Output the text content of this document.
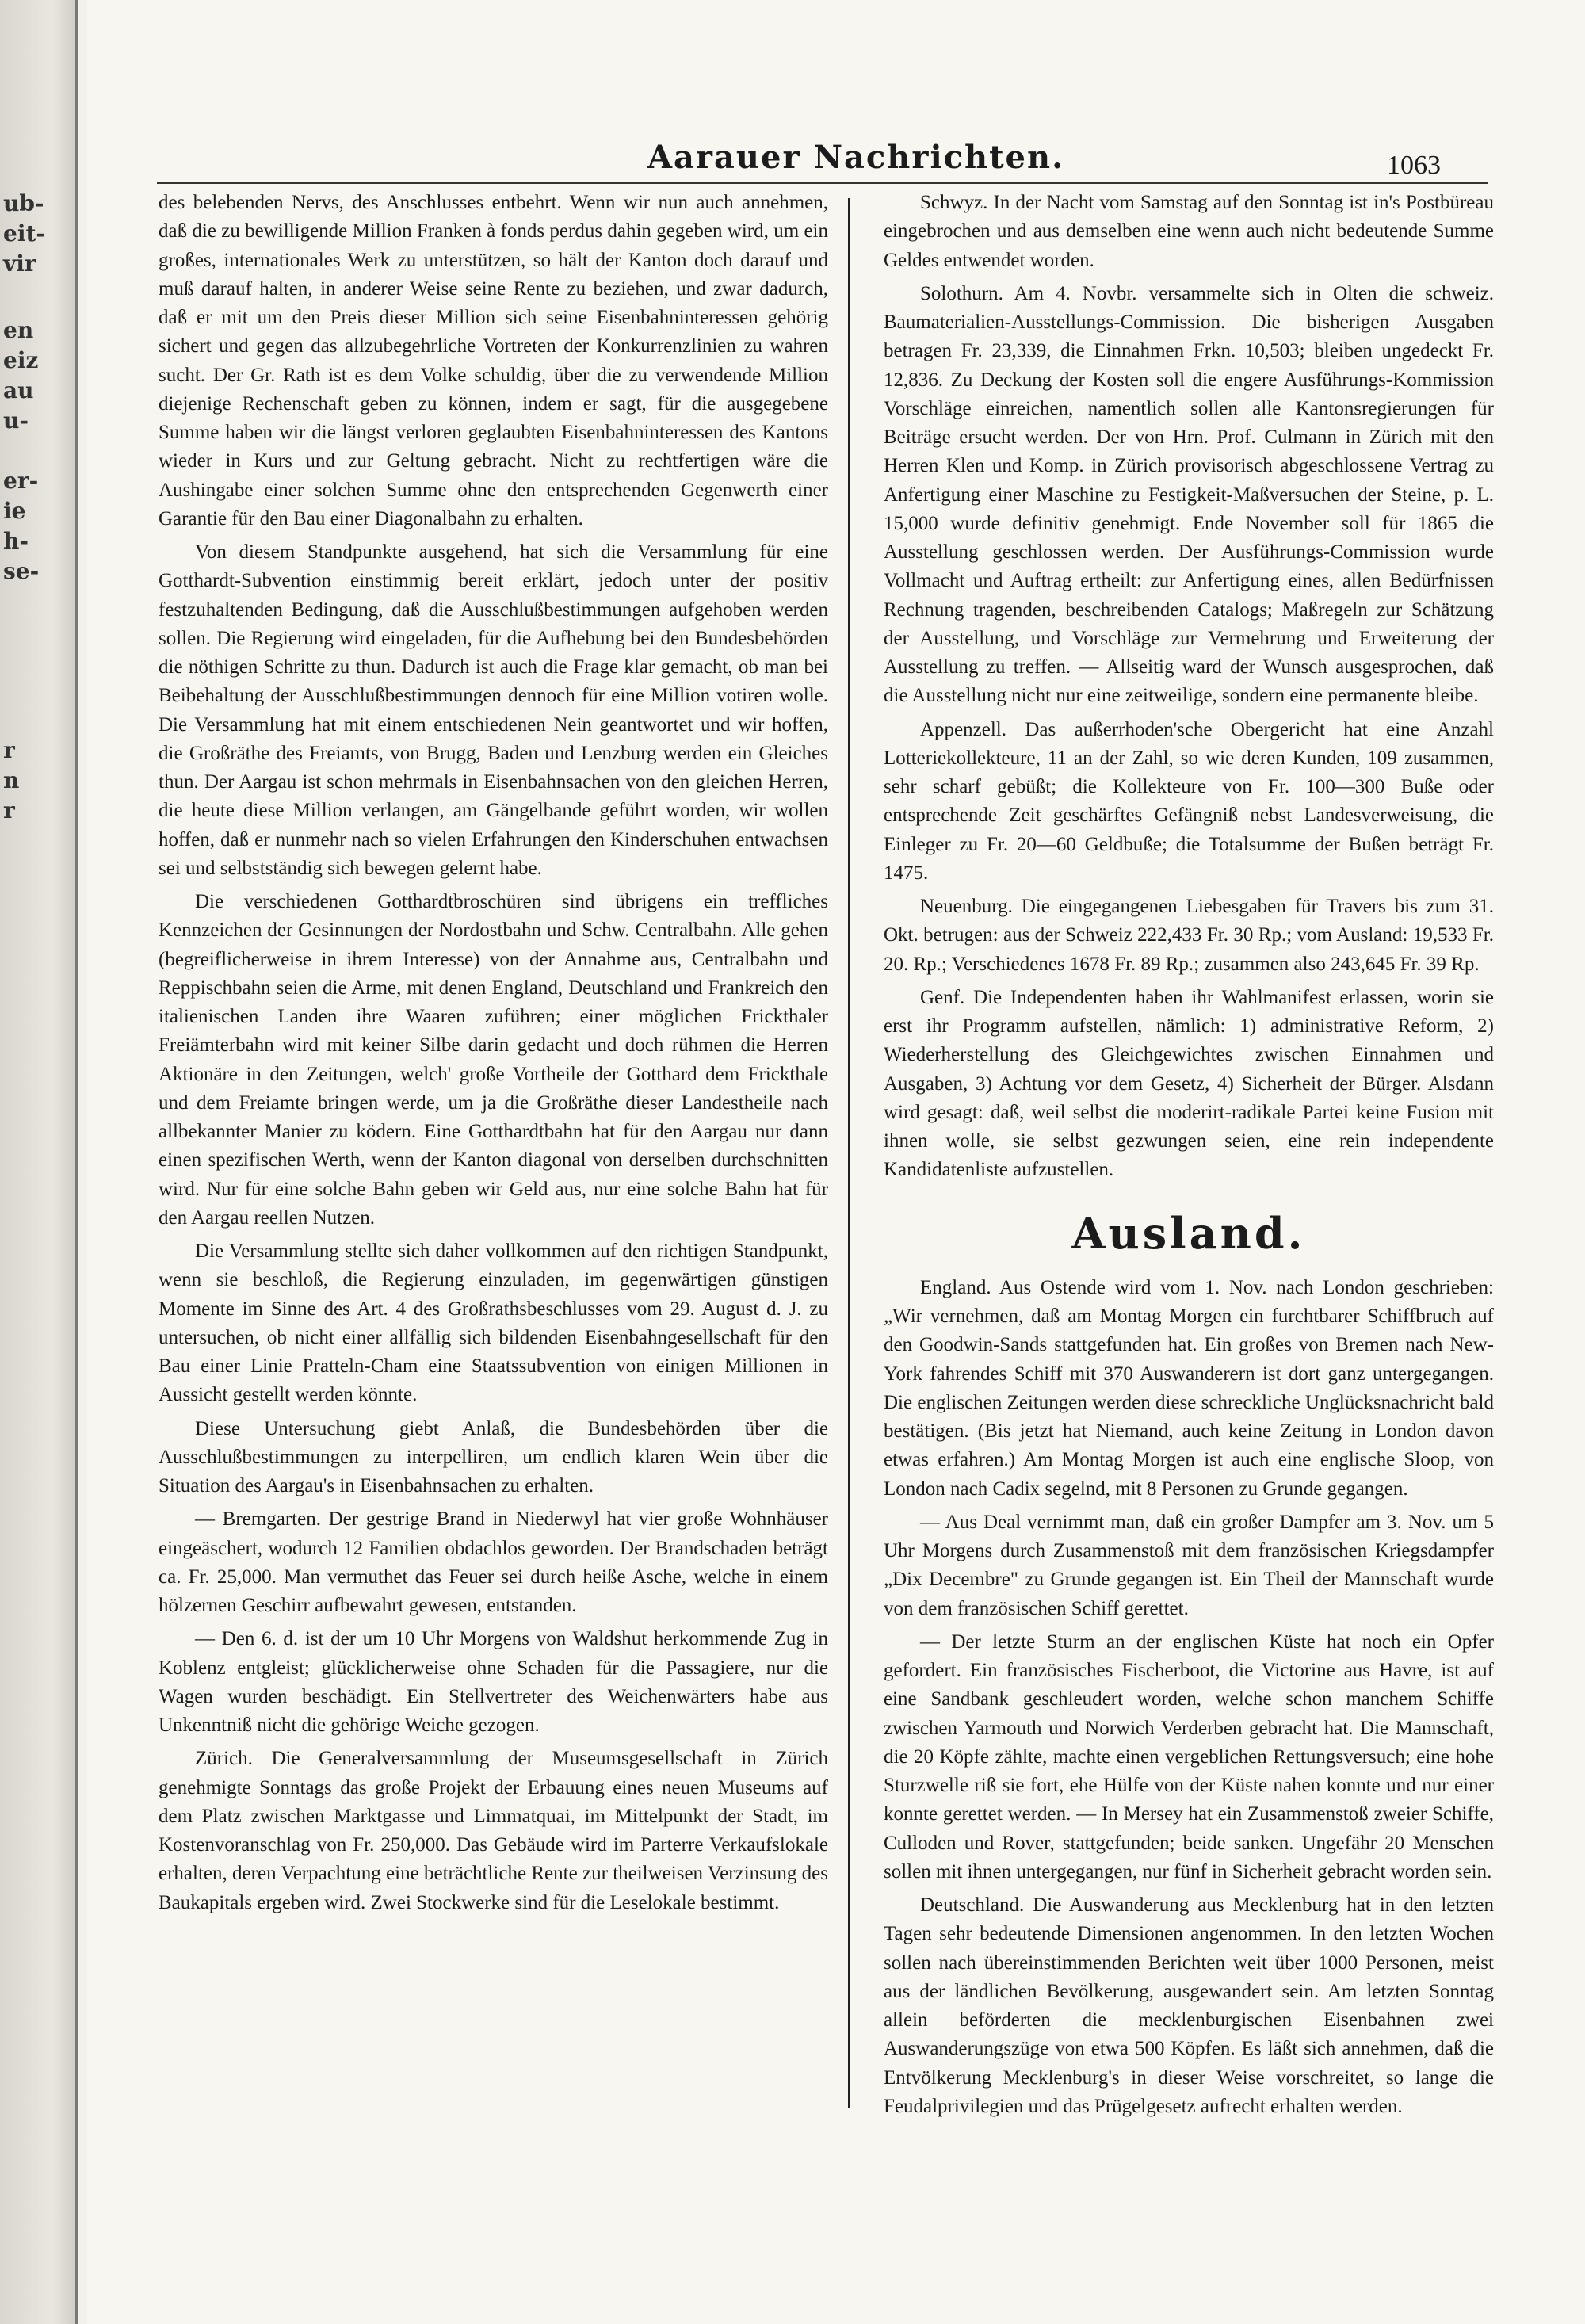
ub-
eit-
vir
en
eiz
au
u-
er-
ie
h-
se-
r
n
r
Aarauer Nachrichten.	1063

des belebenden Nervs, des Anschlusses entbehrt. Wenn wir nun auch annehmen, daß die zu bewilligende Million Franken à fonds perdus dahin gegeben wird, um ein großes, internationales Werk zu unterstützen, so hält der Kanton doch darauf und muß darauf halten, in anderer Weise seine Rente zu beziehen, und zwar dadurch, daß er mit um den Preis dieser Million sich seine Eisenbahninteressen gehörig sichert und gegen das allzubegehrliche Vortreten der Konkurrenzlinien zu wahren sucht. Der Gr. Rath ist es dem Volke schuldig, über die zu verwendende Million diejenige Rechenschaft geben zu können, indem er sagt, für die ausgegebene Summe haben wir die längst verloren geglaubten Eisenbahninteressen des Kantons wieder in Kurs und zur Geltung gebracht. Nicht zu rechtfertigen wäre die Aushingabe einer solchen Summe ohne den entsprechenden Gegenwerth einer Garantie für den Bau einer Diagonalbahn zu erhalten.

Von diesem Standpunkte ausgehend, hat sich die Versammlung für eine Gotthardt-Subvention einstimmig bereit erklärt, jedoch unter der positiv festzuhaltenden Bedingung, daß die Ausschlußbestimmungen aufgehoben werden sollen. Die Regierung wird eingeladen, für die Aufhebung bei den Bundesbehörden die nöthigen Schritte zu thun. Dadurch ist auch die Frage klar gemacht, ob man bei Beibehaltung der Ausschlußbestimmungen dennoch für eine Million votiren wolle. Die Versammlung hat mit einem entschiedenen Nein geantwortet und wir hoffen, die Großräthe des Freiamts, von Brugg, Baden und Lenzburg werden ein Gleiches thun. Der Aargau ist schon mehrmals in Eisenbahnsachen von den gleichen Herren, die heute diese Million verlangen, am Gängelbande geführt worden, wir wollen hoffen, daß er nunmehr nach so vielen Erfahrungen den Kinderschuhen entwachsen sei und selbstständig sich bewegen gelernt habe.

Die verschiedenen Gotthardtbroschüren sind übrigens ein treffliches Kennzeichen der Gesinnungen der Nordostbahn und Schw. Centralbahn. Alle gehen (begreiflicherweise in ihrem Interesse) von der Annahme aus, Centralbahn und Reppischbahn seien die Arme, mit denen England, Deutschland und Frankreich den italienischen Landen ihre Waaren zuführen; einer möglichen Frickthaler Freiämterbahn wird mit keiner Silbe darin gedacht und doch rühmen die Herren Aktionäre in den Zeitungen, welch' große Vortheile der Gotthard dem Frickthale und dem Freiamte bringen werde, um ja die Großräthe dieser Landestheile nach allbekannter Manier zu ködern. Eine Gotthardtbahn hat für den Aargau nur dann einen spezifischen Werth, wenn der Kanton diagonal von derselben durchschnitten wird. Nur für eine solche Bahn geben wir Geld aus, nur eine solche Bahn hat für den Aargau reellen Nutzen.

Die Versammlung stellte sich daher vollkommen auf den richtigen Standpunkt, wenn sie beschloß, die Regierung einzuladen, im gegenwärtigen günstigen Momente im Sinne des Art. 4 des Großrathsbeschlusses vom 29. August d. J. zu untersuchen, ob nicht einer allfällig sich bildenden Eisenbahngesellschaft für den Bau einer Linie Pratteln-Cham eine Staatssubvention von einigen Millionen in Aussicht gestellt werden könnte.

Diese Untersuchung giebt Anlaß, die Bundesbehörden über die Ausschlußbestimmungen zu interpelliren, um endlich klaren Wein über die Situation des Aargau's in Eisenbahnsachen zu erhalten.

— Bremgarten. Der gestrige Brand in Niederwyl hat vier große Wohnhäuser eingeäschert, wodurch 12 Familien obdachlos geworden. Der Brandschaden beträgt ca. Fr. 25,000. Man vermuthet das Feuer sei durch heiße Asche, welche in einem hölzernen Geschirr aufbewahrt gewesen, entstanden.

— Den 6. d. ist der um 10 Uhr Morgens von Waldshut herkommende Zug in Koblenz entgleist; glücklicherweise ohne Schaden für die Passagiere, nur die Wagen wurden beschädigt. Ein Stellvertreter des Weichenwärters habe aus Unkenntniß nicht die gehörige Weiche gezogen.

Zürich. Die Generalversammlung der Museumsgesellschaft in Zürich genehmigte Sonntags das große Projekt der Erbauung eines neuen Museums auf dem Platz zwischen Marktgasse und Limmatquai, im Mittelpunkt der Stadt, im Kostenvoranschlag von Fr. 250,000. Das Gebäude wird im Parterre Verkaufslokale erhalten, deren Verpachtung eine beträchtliche Rente zur theilweisen Verzinsung des Baukapitals ergeben wird. Zwei Stockwerke sind für die Leselokale bestimmt.

Schwyz. In der Nacht vom Samstag auf den Sonntag ist in's Postbüreau eingebrochen und aus demselben eine wenn auch nicht bedeutende Summe Geldes entwendet worden.

Solothurn. Am 4. Novbr. versammelte sich in Olten die schweiz. Baumaterialien-Ausstellungs-Commission. Die bisherigen Ausgaben betragen Fr. 23,339, die Einnahmen Frkn. 10,503; bleiben ungedeckt Fr. 12,836. Zu Deckung der Kosten soll die engere Ausführungs-Kommission Vorschläge einreichen, namentlich sollen alle Kantonsregierungen für Beiträge ersucht werden. Der von Hrn. Prof. Culmann in Zürich mit den Herren Klen und Komp. in Zürich provisorisch abgeschlossene Vertrag zu Anfertigung einer Maschine zu Festigkeit-Maßversuchen der Steine, p. L. 15,000 wurde definitiv genehmigt. Ende November soll für 1865 die Ausstellung geschlossen werden. Der Ausführungs-Commission wurde Vollmacht und Auftrag ertheilt: zur Anfertigung eines, allen Bedürfnissen Rechnung tragenden, beschreibenden Catalogs; Maßregeln zur Schätzung der Ausstellung, und Vorschläge zur Vermehrung und Erweiterung der Ausstellung zu treffen. — Allseitig ward der Wunsch ausgesprochen, daß die Ausstellung nicht nur eine zeitweilige, sondern eine permanente bleibe.

Appenzell. Das außerrhoden'sche Obergericht hat eine Anzahl Lotteriekollekteure, 11 an der Zahl, so wie deren Kunden, 109 zusammen, sehr scharf gebüßt; die Kollekteure von Fr. 100—300 Buße oder entsprechende Zeit geschärftes Gefängniß nebst Landesverweisung, die Einleger zu Fr. 20—60 Geldbuße; die Totalsumme der Bußen beträgt Fr. 1475.

Neuenburg. Die eingegangenen Liebesgaben für Travers bis zum 31. Okt. betrugen: aus der Schweiz 222,433 Fr. 30 Rp.; vom Ausland: 19,533 Fr. 20. Rp.; Verschiedenes 1678 Fr. 89 Rp.; zusammen also 243,645 Fr. 39 Rp.

Genf. Die Independenten haben ihr Wahlmanifest erlassen, worin sie erst ihr Programm aufstellen, nämlich: 1) administrative Reform, 2) Wiederherstellung des Gleichgewichtes zwischen Einnahmen und Ausgaben, 3) Achtung vor dem Gesetz, 4) Sicherheit der Bürger. Alsdann wird gesagt: daß, weil selbst die moderirt-radikale Partei keine Fusion mit ihnen wolle, sie selbst gezwungen seien, eine rein independente Kandidatenliste aufzustellen.

Ausland.

England. Aus Ostende wird vom 1. Nov. nach London geschrieben: „Wir vernehmen, daß am Montag Morgen ein furchtbarer Schiffbruch auf den Goodwin-Sands stattgefunden hat. Ein großes von Bremen nach New-York fahrendes Schiff mit 370 Auswanderern ist dort ganz untergegangen. Die englischen Zeitungen werden diese schreckliche Unglücksnachricht bald bestätigen. (Bis jetzt hat Niemand, auch keine Zeitung in London davon etwas erfahren.) Am Montag Morgen ist auch eine englische Sloop, von London nach Cadix segelnd, mit 8 Personen zu Grunde gegangen.

— Aus Deal vernimmt man, daß ein großer Dampfer am 3. Nov. um 5 Uhr Morgens durch Zusammenstoß mit dem französischen Kriegsdampfer „Dix Decembre" zu Grunde gegangen ist. Ein Theil der Mannschaft wurde von dem französischen Schiff gerettet.

— Der letzte Sturm an der englischen Küste hat noch ein Opfer gefordert. Ein französisches Fischerboot, die Victorine aus Havre, ist auf eine Sandbank geschleudert worden, welche schon manchem Schiffe zwischen Yarmouth und Norwich Verderben gebracht hat. Die Mannschaft, die 20 Köpfe zählte, machte einen vergeblichen Rettungsversuch; eine hohe Sturzwelle riß sie fort, ehe Hülfe von der Küste nahen konnte und nur einer konnte gerettet werden. — In Mersey hat ein Zusammenstoß zweier Schiffe, Culloden und Rover, stattgefunden; beide sanken. Ungefähr 20 Menschen sollen mit ihnen untergegangen, nur fünf in Sicherheit gebracht worden sein.

Deutschland. Die Auswanderung aus Mecklenburg hat in den letzten Tagen sehr bedeutende Dimensionen angenommen. In den letzten Wochen sollen nach übereinstimmenden Berichten weit über 1000 Personen, meist aus der ländlichen Bevölkerung, ausgewandert sein. Am letzten Sonntag allein beförderten die mecklenburgischen Eisenbahnen zwei Auswanderungszüge von etwa 500 Köpfen. Es läßt sich annehmen, daß die Entvölkerung Mecklenburg's in dieser Weise vorschreitet, so lange die Feudalprivilegien und das Prügelgesetz aufrecht erhalten werden.
